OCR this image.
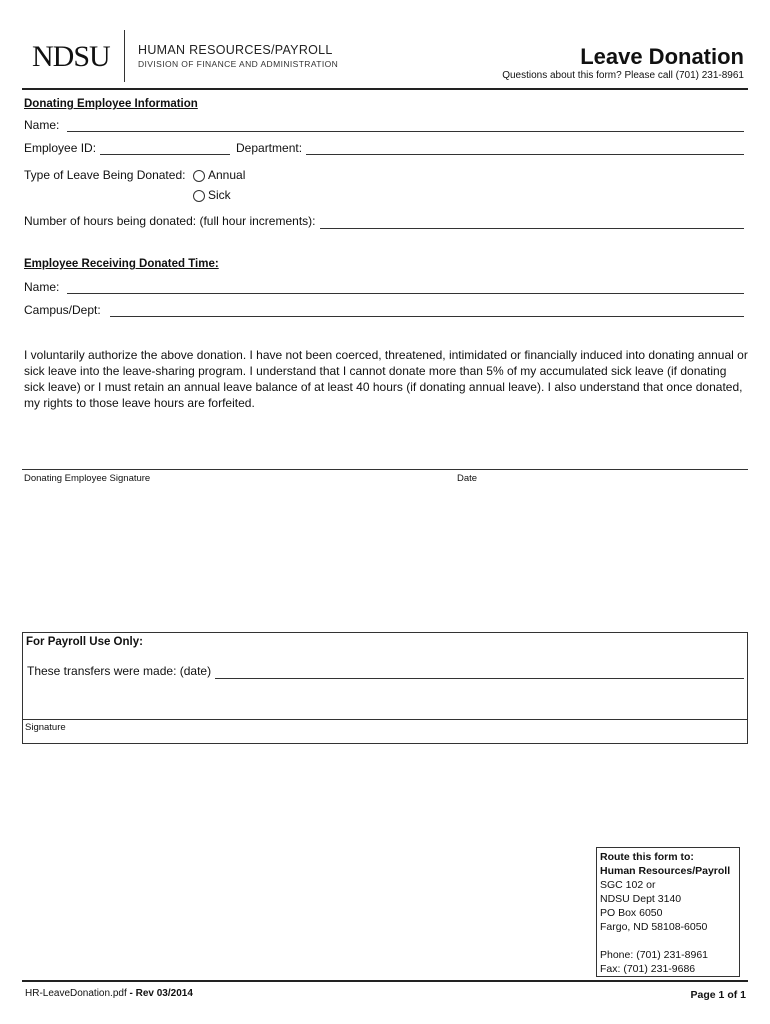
NDSU HUMAN RESOURCES/PAYROLL
DIVISION OF FINANCE AND ADMINISTRATION	Leave Donation
Questions about this form? Please call (701) 231-8961
Donating Employee Information
Name:
Employee ID:	Department:
Type of Leave Being Donated:	Annual
Sick
Number of hours being donated: (full hour increments):
Employee Receiving Donated Time:
Name:
Campus/Dept:
I voluntarily authorize the above donation. I have not been coerced, threatened, intimidated or financially induced into donating annual or sick leave into the leave-sharing program. I understand that I cannot donate more than 5% of my accumulated sick leave (if donating sick leave) or I must retain an annual leave balance of at least 40 hours (if donating annual leave). I also understand that once donated, my rights to those leave hours are forfeited.
Donating Employee Signature	Date
For Payroll Use Only:
These transfers were made: (date)
Signature
Route this form to:
Human Resources/Payroll
SGC 102 or
NDSU Dept 3140
PO Box 6050
Fargo, ND 58108-6050
Phone: (701) 231-8961
Fax: (701) 231-9686
HR-LeaveDonation.pdf - Rev 03/2014	Page 1 of 1
